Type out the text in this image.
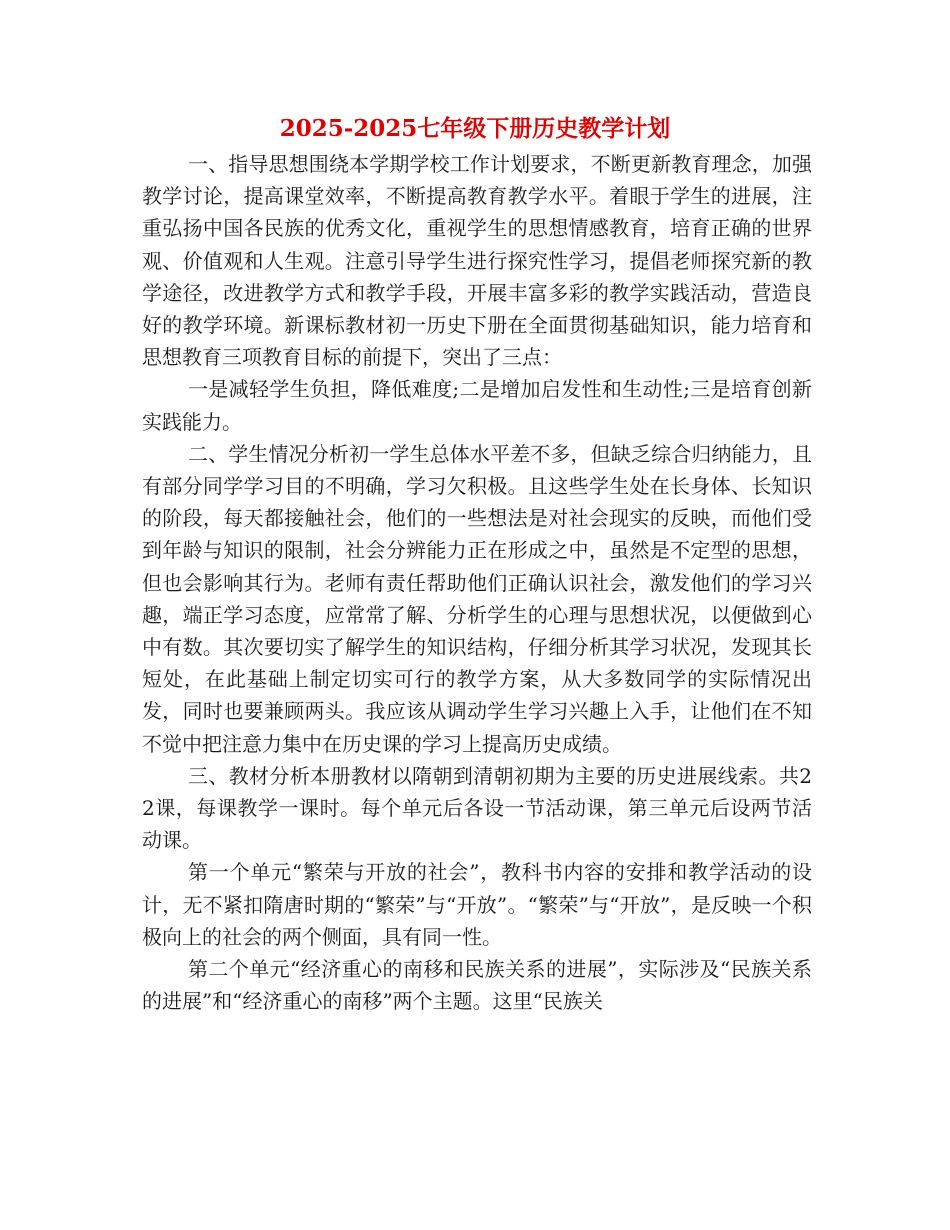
2025-2025七年级下册历史教学计划

一、指导思想围绕本学期学校工作计划要求，不断更新教育理念，加强教学讨论，提高课堂效率，不断提高教育教学水平。着眼于学生的进展，注重弘扬中国各民族的优秀文化，重视学生的思想情感教育，培育正确的世界观、价值观和人生观。注意引导学生进行探究性学习，提倡老师探究新的教学途径，改进教学方式和教学手段，开展丰富多彩的教学实践活动，营造良好的教学环境。新课标教材初一历史下册在全面贯彻基础知识，能力培育和思想教育三项教育目标的前提下，突出了三点：

一是减轻学生负担，降低难度;二是增加启发性和生动性;三是培育创新实践能力。

二、学生情况分析初一学生总体水平差不多，但缺乏综合归纳能力，且有部分同学学习目的不明确，学习欠积极。且这些学生处在长身体、长知识的阶段，每天都接触社会，他们的一些想法是对社会现实的反映，而他们受到年龄与知识的限制，社会分辨能力正在形成之中，虽然是不定型的思想，但也会影响其行为。老师有责任帮助他们正确认识社会，激发他们的学习兴趣，端正学习态度，应常常了解、分析学生的心理与思想状况，以便做到心中有数。其次要切实了解学生的知识结构，仔细分析其学习状况，发现其长短处，在此基础上制定切实可行的教学方案，从大多数同学的实际情况出发，同时也要兼顾两头。我应该从调动学生学习兴趣上入手，让他们在不知不觉中把注意力集中在历史课的学习上提高历史成绩。

三、教材分析本册教材以隋朝到清朝初期为主要的历史进展线索。共22课，每课教学一课时。每个单元后各设一节活动课，第三单元后设两节活动课。

第一个单元“繁荣与开放的社会”，教科书内容的安排和教学活动的设计，无不紧扣隋唐时期的“繁荣”与“开放”。“繁荣”与“开放”，是反映一个积极向上的社会的两个侧面，具有同一性。

第二个单元“经济重心的南移和民族关系的进展”，实际涉及“民族关系的进展”和“经济重心的南移”两个主题。这里“民族关
